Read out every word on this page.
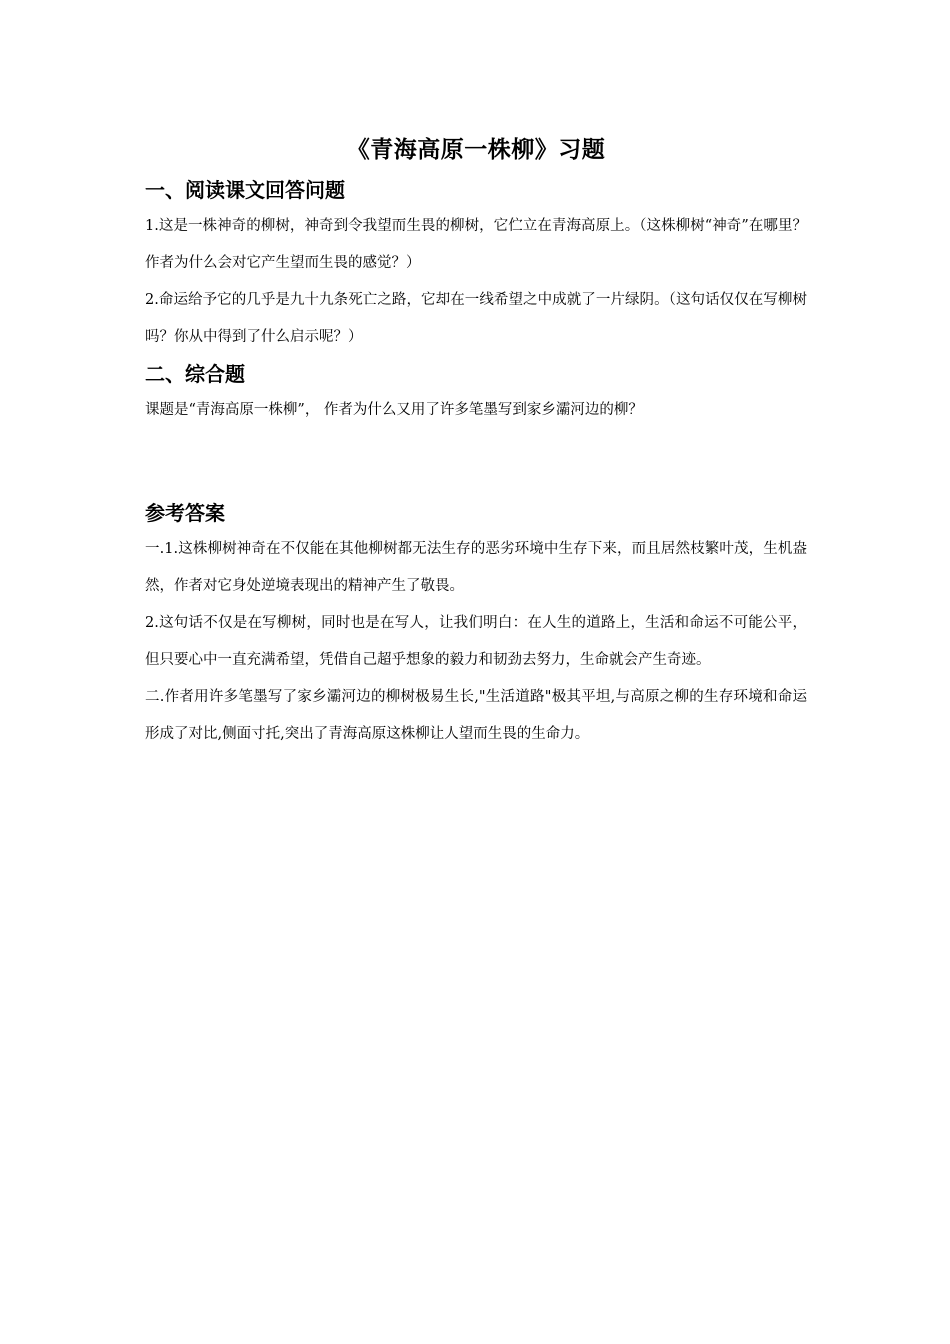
《青海高原一株柳》习题
一、阅读课文回答问题

1.这是一株神奇的柳树，神奇到令我望而生畏的柳树，它伫立在青海高原上。（这株柳树“神奇”在哪里？作者为什么会对它产生望而生畏的感觉？）

2.命运给予它的几乎是九十九条死亡之路，它却在一线希望之中成就了一片绿阴。（这句话仅仅在写柳树吗？你从中得到了什么启示呢？）

二、综合题

课题是“青海高原一株柳”， 作者为什么又用了许多笔墨写到家乡灞河边的柳？

参考答案

一.1.这株柳树神奇在不仅能在其他柳树都无法生存的恶劣环境中生存下来，而且居然枝繁叶茂，生机盎然，作者对它身处逆境表现出的精神产生了敬畏。

2.这句话不仅是在写柳树，同时也是在写人，让我们明白：在人生的道路上，生活和命运不可能公平，但只要心中一直充满希望，凭借自己超乎想象的毅力和韧劲去努力，生命就会产生奇迹。

二.作者用许多笔墨写了家乡灞河边的柳树极易生长,"生活道路"极其平坦,与高原之柳的生存环境和命运形成了对比,侧面寸托,突出了青海高原这株柳让人望而生畏的生命力。
